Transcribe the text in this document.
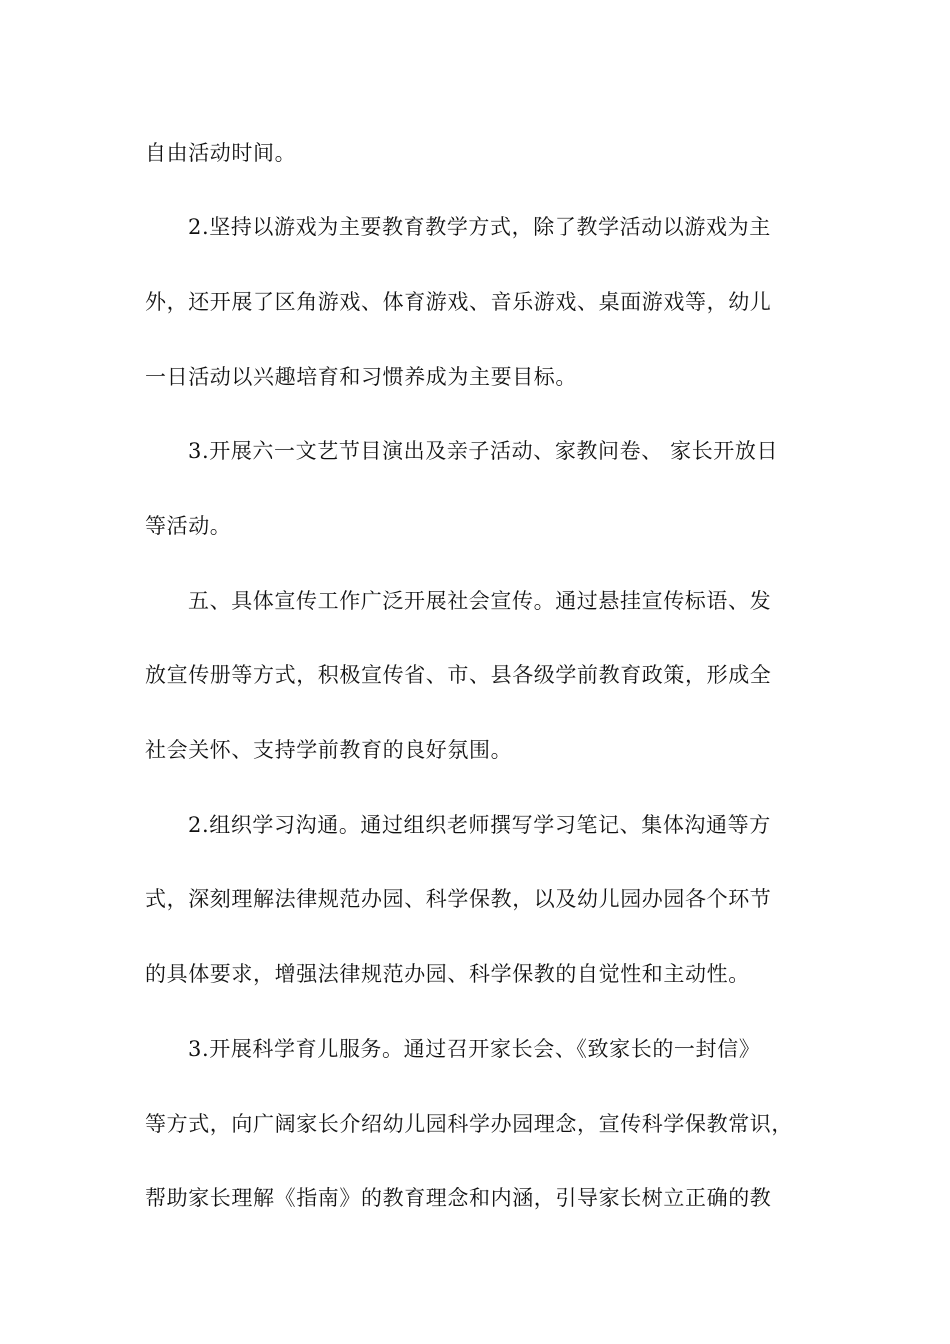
自由活动时间。
2.坚持以游戏为主要教育教学方式，除了教学活动以游戏为主
外，还开展了区角游戏、体育游戏、音乐游戏、桌面游戏等，幼儿
一日活动以兴趣培育和习惯养成为主要目标。
3.开展六一文艺节目演出及亲子活动、家教问卷、 家长开放日
等活动。
五、具体宣传工作广泛开展社会宣传。通过悬挂宣传标语、发
放宣传册等方式，积极宣传省、市、县各级学前教育政策，形成全
社会关怀、支持学前教育的良好氛围。
2.组织学习沟通。通过组织老师撰写学习笔记、集体沟通等方
式，深刻理解法律规范办园、科学保教，以及幼儿园办园各个环节
的具体要求，增强法律规范办园、科学保教的自觉性和主动性。
3.开展科学育儿服务。通过召开家长会、《致家长的一封信》
等方式，向广阔家长介绍幼儿园科学办园理念，宣传科学保教常识，
帮助家长理解《指南》的教育理念和内涵，引导家长树立正确的教
